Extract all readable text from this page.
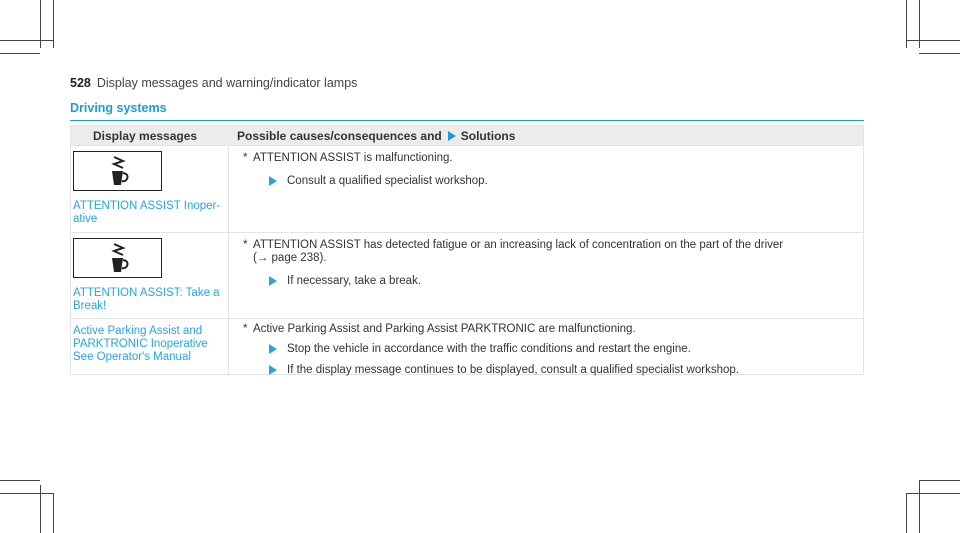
528 Display messages and warning/indicator lamps
Driving systems
Display messages	Possible causes/consequences and Solutions
ATTENTION ASSIST Inoper-
ative
* ATTENTION ASSIST is malfunctioning.
Consult a qualified specialist workshop.
ATTENTION ASSIST: Take a
Break!
* ATTENTION ASSIST has detected fatigue or an increasing lack of concentration on the part of the driver
(→ page 238).
If necessary, take a break.
Active Parking Assist and
PARKTRONIC Inoperative
See Operator's Manual
* Active Parking Assist and Parking Assist PARKTRONIC are malfunctioning.
Stop the vehicle in accordance with the traffic conditions and restart the engine.
If the display message continues to be displayed, consult a qualified specialist workshop.
